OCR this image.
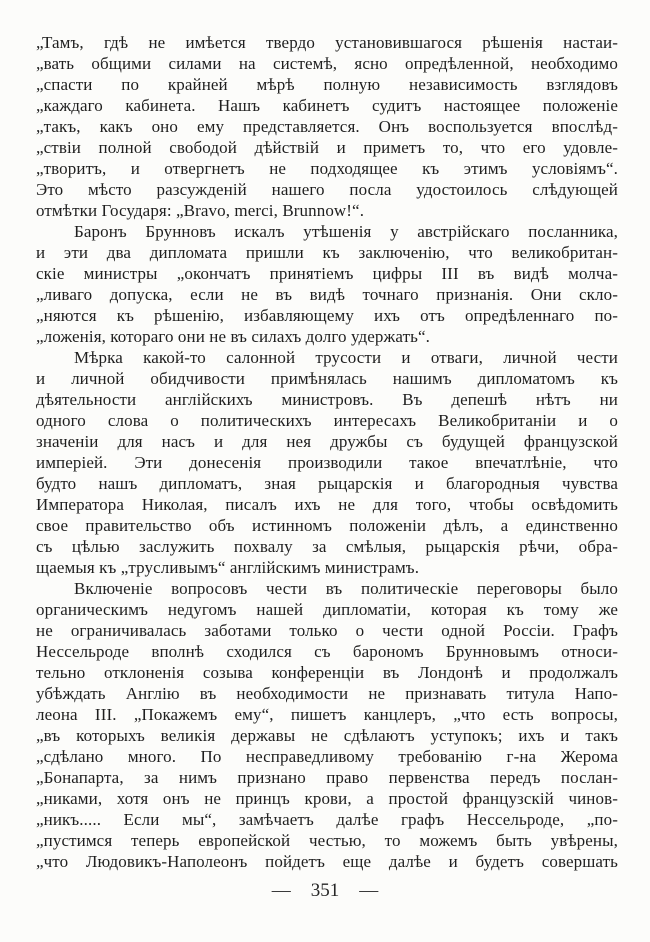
„Тамъ, гдѣ не имѣется твердо установившагося рѣшенія настаи-
„вать общими силами на системѣ, ясно опредѣленной, необходимо
„спасти по крайней мѣрѣ полную независимость взглядовъ
„каждаго кабинета. Нашъ кабинетъ судитъ настоящее положеніе
„такъ, какъ оно ему представляется. Онъ воспользуется впослѣд-
„ствіи полной свободой дѣйствій и приметъ то, что его удовле-
„творитъ, и отвергнетъ не подходящее къ этимъ условіямъ“.
Это мѣсто разсужденій нашего посла удостоилось слѣдующей
отмѣтки Государя: „Bravo, merci, Brunnow!“.
Баронъ Брунновъ искалъ утѣшенія у австрійскаго посланника,
и эти два дипломата пришли къ заключенію, что великобритан-
скіе министры „окончатъ принятіемъ цифры III въ видѣ молча-
„ливаго допуска, если не въ видѣ точнаго признанія. Они скло-
„няются къ рѣшенію, избавляющему ихъ отъ опредѣленнаго по-
„ложенія, котораго они не въ силахъ долго удержать“.
Мѣрка какой-то салонной трусости и отваги, личной чести
и личной обидчивости примѣнялась нашимъ дипломатомъ къ
дѣятельности англійскихъ министровъ. Въ депешѣ нѣтъ ни
одного слова о политическихъ интересахъ Великобританіи и о
значеніи для насъ и для нея дружбы съ будущей французской
имперіей. Эти донесенія производили такое впечатлѣніе, что
будто нашъ дипломатъ, зная рыцарскія и благородныя чувства
Императора Николая, писалъ ихъ не для того, чтобы освѣдомить
свое правительство объ истинномъ положеніи дѣлъ, а единственно
съ цѣлью заслужить похвалу за смѣлыя, рыцарскія рѣчи, обра-
щаемыя къ „трусливымъ“ англійскимъ министрамъ.
Включеніе вопросовъ чести въ политическіе переговоры было
органическимъ недугомъ нашей дипломатіи, которая къ тому же
не ограничивалась заботами только о чести одной Россіи. Графъ
Нессельроде вполнѣ сходился съ барономъ Брунновымъ относи-
тельно отклоненія созыва конференціи въ Лондонѣ и продолжалъ
убѣждать Англію въ необходимости не признавать титула Напо-
леона III. „Покажемъ ему“, пишетъ канцлеръ, „что есть вопросы,
„въ которыхъ великія державы не сдѣлаютъ уступокъ; ихъ и такъ
„сдѣлано много. По несправедливому требованію г-на Жерома
„Бонапарта, за нимъ признано право первенства передъ послан-
„никами, хотя онъ не принцъ крови, а простой французскій чинов-
„никъ..... Если мы“, замѣчаетъ далѣе графъ Нессельроде, „по-
„пустимся теперь европейской честью, то можемъ быть увѣрены,
„что Людовикъ-Наполеонъ пойдетъ еще далѣе и будетъ совершать
— 351 —
